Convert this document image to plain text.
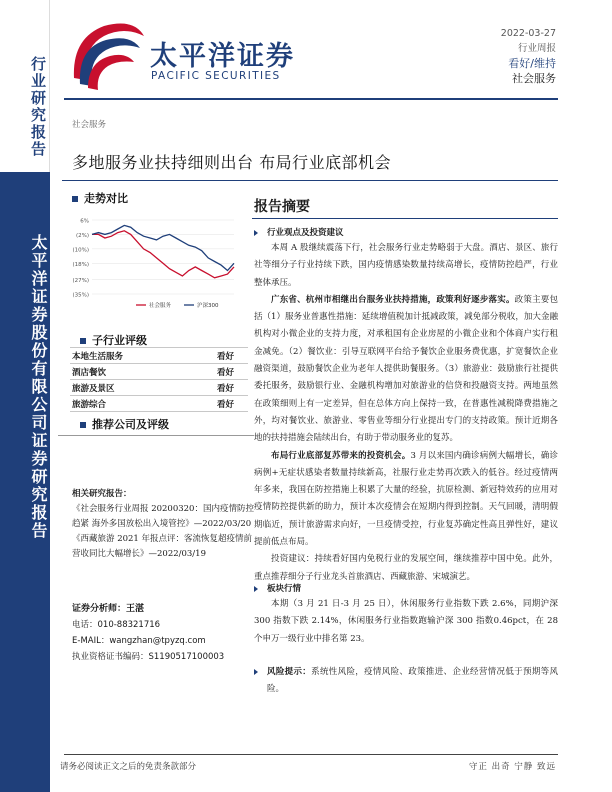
行业研究报告
太平洋证券股份有限公司证券研究报告
太平洋证券
PACIFIC SECURITIES
2022-03-27
行业周报
看好/维持
社会服务
社会服务
多地服务业扶持细则出台 布局行业底部机会
走势对比
6%
(2%)
(10%)
(18%)
(27%)
(35%)
社会服务	沪深300
子行业评级
本地生活服务	看好
酒店餐饮	看好
旅游及景区	看好
旅游综合	看好
推荐公司及评级
相关研究报告：
《社会服务行业周报 20200320：国内疫情防控趋紧 海外多国放松出入境管控》—2022/03/20
《西藏旅游 2021 年报点评：客流恢复超疫情前 营收同比大幅增长》—2022/03/19
证券分析师：王湛
电话：010-88321716
E-MAIL：wangzhan@tpyzq.com
执业资格证书编码：S1190517100003
报告摘要
行业观点及投资建议

本周 A 股继续震荡下行，社会服务行业走势略弱于大盘。酒店、景区、旅行社等细分子行业持续下跌，国内疫情感染数量持续高增长，疫情防控趋严，行业整体承压。

广东省、杭州市相继出台服务业扶持措施，政策利好逐步落实。政策主要包括（1）服务业普惠性措施：延续增值税加计抵减政策，减免部分税收，加大金融机构对小微企业的支持力度，对承租国有企业房屋的小微企业和个体商户实行租金减免。（2）餐饮业：引导互联网平台给予餐饮企业服务费优惠，扩宽餐饮企业融资渠道，鼓励餐饮企业为老年人提供助餐服务。（3）旅游业：鼓励旅行社提供委托服务，鼓励银行业、金融机构增加对旅游业的信贷和投融资支持。两地虽然在政策细则上有一定差异，但在总体方向上保持一致，在普惠性减税降费措施之外，均对餐饮业、旅游业、零售业等细分行业提出专门的支持政策。预计近期各地的扶持措施会陆续出台，有助于带动服务业的复苏。

布局行业底部复苏带来的投资机会。3 月以来国内确诊病例大幅增长，确诊病例+无症状感染者数量持续新高，社服行业走势再次跌入的低谷。经过疫情两年多来，我国在防控措施上积累了大量的经验，抗原检测、新冠特效药的应用对疫情防控提供新的助力，预计本次疫情会在短期内得到控制。天气回暖，清明假期临近，预计旅游需求向好，一旦疫情受控，行业复苏确定性高且弹性好，建议提前低点布局。

投资建议：持续看好国内免税行业的发展空间，继续推荐中国中免。此外，重点推荐细分子行业龙头首旅酒店、西藏旅游、宋城演艺。

板块行情

本期（3 月 21 日-3 月 25 日），休闲服务行业指数下跌 2.6%，同期沪深 300 指数下跌 2.14%，休闲服务行业指数跑输沪深 300 指数0.46pct，在 28 个申万一级行业中排名第 23。

风险提示：系统性风险，疫情风险、政策推进、企业经营情况低于预期等风险。

请务必阅读正文之后的免责条款部分	守正 出奇 宁静 致远
